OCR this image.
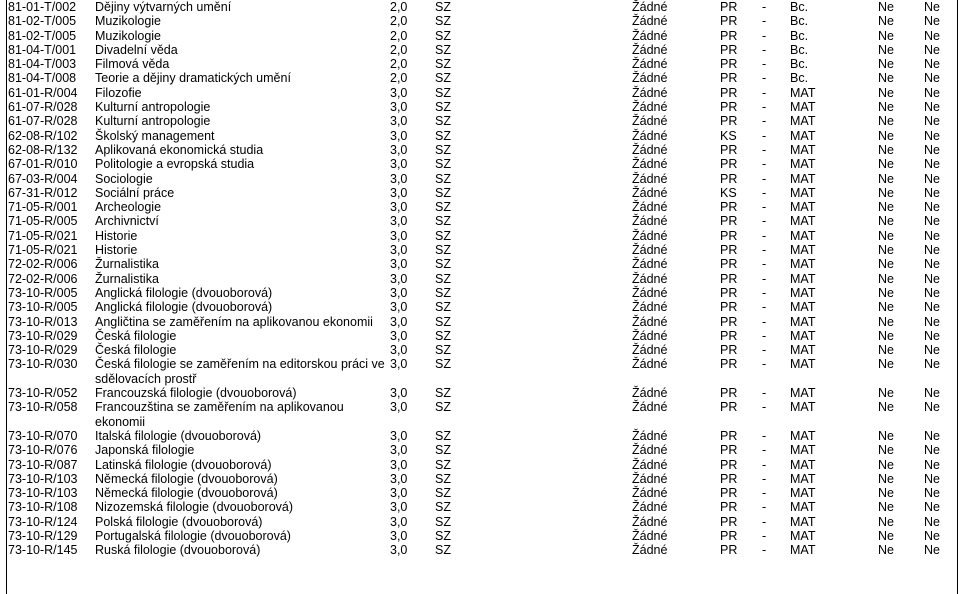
81-01-T/002	Dějiny výtvarných umění	2,0	SZ	Žádné	PR	-	Bc.	Ne	Ne
81-02-T/005	Muzikologie	2,0	SZ	Žádné	PR	-	Bc.	Ne	Ne
81-02-T/005	Muzikologie	2,0	SZ	Žádné	PR	-	Bc.	Ne	Ne
81-04-T/001	Divadelní věda	2,0	SZ	Žádné	PR	-	Bc.	Ne	Ne
81-04-T/003	Filmová věda	2,0	SZ	Žádné	PR	-	Bc.	Ne	Ne
81-04-T/008	Teorie a dějiny dramatických umění	2,0	SZ	Žádné	PR	-	Bc.	Ne	Ne
61-01-R/004	Filozofie	3,0	SZ	Žádné	PR	-	MAT	Ne	Ne
61-07-R/028	Kulturní antropologie	3,0	SZ	Žádné	PR	-	MAT	Ne	Ne
61-07-R/028	Kulturní antropologie	3,0	SZ	Žádné	PR	-	MAT	Ne	Ne
62-08-R/102	Školský management	3,0	SZ	Žádné	KS	-	MAT	Ne	Ne
62-08-R/132	Aplikovaná ekonomická studia	3,0	SZ	Žádné	PR	-	MAT	Ne	Ne
67-01-R/010	Politologie a evropská studia	3,0	SZ	Žádné	PR	-	MAT	Ne	Ne
67-03-R/004	Sociologie	3,0	SZ	Žádné	PR	-	MAT	Ne	Ne
67-31-R/012	Sociální práce	3,0	SZ	Žádné	KS	-	MAT	Ne	Ne
71-05-R/001	Archeologie	3,0	SZ	Žádné	PR	-	MAT	Ne	Ne
71-05-R/005	Archivnictví	3,0	SZ	Žádné	PR	-	MAT	Ne	Ne
71-05-R/021	Historie	3,0	SZ	Žádné	PR	-	MAT	Ne	Ne
71-05-R/021	Historie	3,0	SZ	Žádné	PR	-	MAT	Ne	Ne
72-02-R/006	Žurnalistika	3,0	SZ	Žádné	PR	-	MAT	Ne	Ne
72-02-R/006	Žurnalistika	3,0	SZ	Žádné	PR	-	MAT	Ne	Ne
73-10-R/005	Anglická filologie (dvouoborová)	3,0	SZ	Žádné	PR	-	MAT	Ne	Ne
73-10-R/005	Anglická filologie (dvouoborová)	3,0	SZ	Žádné	PR	-	MAT	Ne	Ne
73-10-R/013	Angličtina se zaměřením na aplikovanou ekonomii	3,0	SZ	Žádné	PR	-	MAT	Ne	Ne
73-10-R/029	Česká filologie	3,0	SZ	Žádné	PR	-	MAT	Ne	Ne
73-10-R/029	Česká filologie	3,0	SZ	Žádné	PR	-	MAT	Ne	Ne
73-10-R/030	Česká filologie se zaměřením na editorskou práci ve sdělovacích prostř	3,0	SZ	Žádné	PR	-	MAT	Ne	Ne
73-10-R/052	Francouzská filologie (dvouoborová)	3,0	SZ	Žádné	PR	-	MAT	Ne	Ne
73-10-R/058	Francouzština se zaměřením na aplikovanou ekonomii	3,0	SZ	Žádné	PR	-	MAT	Ne	Ne
73-10-R/070	Italská filologie (dvouoborová)	3,0	SZ	Žádné	PR	-	MAT	Ne	Ne
73-10-R/076	Japonská filologie	3,0	SZ	Žádné	PR	-	MAT	Ne	Ne
73-10-R/087	Latinská filologie (dvouoborová)	3,0	SZ	Žádné	PR	-	MAT	Ne	Ne
73-10-R/103	Německá filologie (dvouoborová)	3,0	SZ	Žádné	PR	-	MAT	Ne	Ne
73-10-R/103	Německá filologie (dvouoborová)	3,0	SZ	Žádné	PR	-	MAT	Ne	Ne
73-10-R/108	Nizozemská filologie (dvouoborová)	3,0	SZ	Žádné	PR	-	MAT	Ne	Ne
73-10-R/124	Polská filologie (dvouoborová)	3,0	SZ	Žádné	PR	-	MAT	Ne	Ne
73-10-R/129	Portugalská filologie (dvouoborová)	3,0	SZ	Žádné	PR	-	MAT	Ne	Ne
73-10-R/145	Ruská filologie (dvouoborová)	3,0	SZ	Žádné	PR	-	MAT	Ne	Ne
